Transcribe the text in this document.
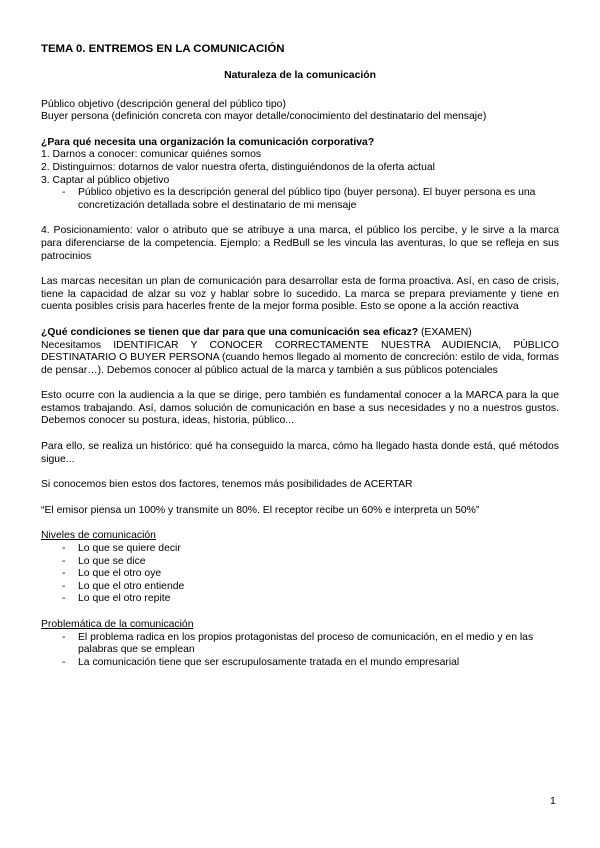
TEMA 0. ENTREMOS EN LA COMUNICACIÓN

Naturaleza de la comunicación

Público objetivo (descripción general del público tipo)

Buyer persona (definición concreta con mayor detalle/conocimiento del destinatario del mensaje)

¿Para qué necesita una organización la comunicación corporativa?

1. Darnos a conocer: comunicar quiénes somos

2. Distinguirnos: dotarnos de valor nuestra oferta, distinguiéndonos de la oferta actual

3. Captar al público objetivo

- Público objetivo es la descripción general del público tipo (buyer persona). El buyer persona es una concretización detallada sobre el destinatario de mi mensaje

4. Posicionamiento: valor o atributo que se atribuye a una marca, el público los percibe, y le sirve a la marca para diferenciarse de la competencia. Ejemplo: a RedBull se les vincula las aventuras, lo que se refleja en sus patrocinios

Las marcas necesitan un plan de comunicación para desarrollar esta de forma proactiva. Así, en caso de crisis, tiene la capacidad de alzar su voz y hablar sobre lo sucedido. La marca se prepara previamente y tiene en cuenta posibles crisis para hacerles frente de la mejor forma posible. Esto se opone a la acción reactiva

¿Qué condiciones se tienen que dar para que una comunicación sea eficaz? (EXAMEN)

Necesitamos IDENTIFICAR Y CONOCER CORRECTAMENTE NUESTRA AUDIENCIA, PÚBLICO DESTINATARIO O BUYER PERSONA (cuando hemos llegado al momento de concreción: estilo de vida, formas de pensar…). Debemos conocer al público actual de la marca y también a sus públicos potenciales

Esto ocurre con la audiencia a la que se dirige, pero también es fundamental conocer a la MARCA para la que estamos trabajando. Así, damos solución de comunicación en base a sus necesidades y no a nuestros gustos. Debemos conocer su postura, ideas, historia, público...

Para ello, se realiza un histórico: qué ha conseguido la marca, cómo ha llegado hasta donde está, qué métodos sigue...

Si conocemos bien estos dos factores, tenemos más posibilidades de ACERTAR

“El emisor piensa un 100% y transmite un 80%. El receptor recibe un 60% e interpreta un 50%”

Niveles de comunicación

- Lo que se quiere decir
- Lo que se dice
- Lo que el otro oye
- Lo que el otro entiende
- Lo que el otro repite

Problemática de la comunicación

- El problema radica en los propios protagonistas del proceso de comunicación, en el medio y en las palabras que se emplean
- La comunicación tiene que ser escrupulosamente tratada en el mundo empresarial
1
